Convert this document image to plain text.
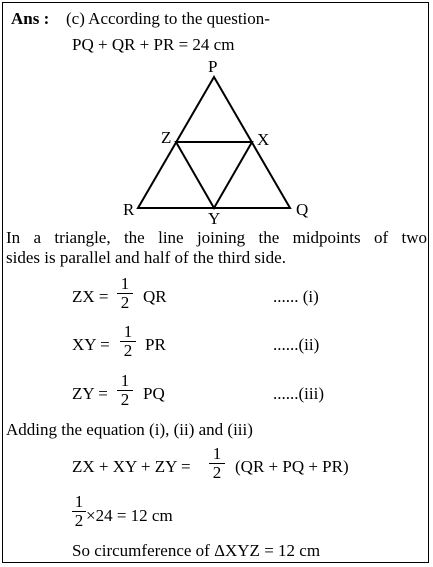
Ans : (c) According to the question-
PQ + QR + PR = 24 cm
P
Q
R
X
Y
Z
In a triangle, the line joining the midpoints of two
sides is parallel and half of the third side.
ZX = $\frac{1}{2}$ QR	...... (i)
XY = $\frac{1}{2}$ PR	......(ii)
ZY = $\frac{1}{2}$ PQ	......(iii)
Adding the equation (i), (ii) and (iii)
ZX + XY + ZY = $\frac{1}{2} (QR$ + PQ + PR)
$\frac{1}{2} \times 24 = 12$ cm
So circumference of ΔXYZ = 12 cm
